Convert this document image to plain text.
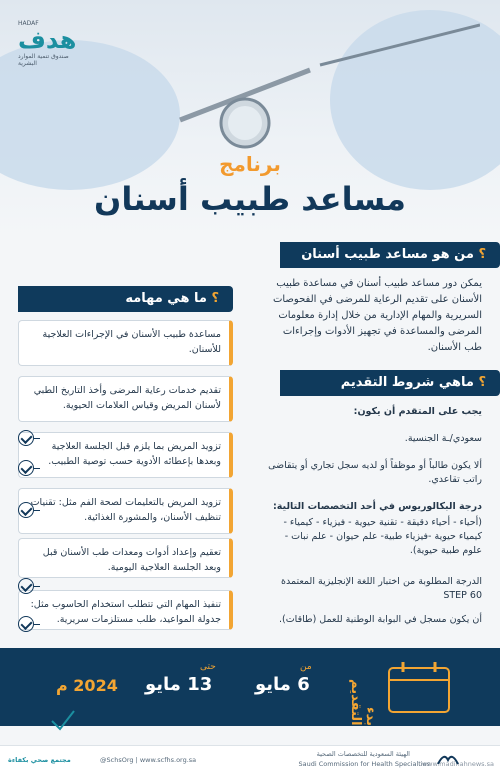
HADAF
هدف
صندوق تنمية الموارد البشرية
برنامج
مساعد طبيب أسنان
؟ من هو مساعد طبيب أسنان
يمكن دور مساعد طبيب أسنان في مساعدة طبيب الأسنان على تقديم الرعاية للمرضى في الفحوصات السريرية والمهام الإدارية من خلال إدارة معلومات المرضى والمساعدة في تجهيز الأدوات وإجراءات طب الأسنان.
؟ ما هي مهامه
مساعدة طبيب الأسنان في الإجراءات العلاجية للأسنان.
تقديم خدمات رعاية المرضى وأخذ التاريخ الطبي لأسنان المريض وقياس العلامات الحيوية.
تزويد المريض بما يلزم قبل الجلسة العلاجية وبعدها بإعطائه الأدوية حسب توصية الطبيب.
تزويد المريض بالتعليمات لصحة الفم مثل: تقنيات تنظيف الأسنان، والمشورة الغذائية.
تعقيم وإعداد أدوات ومعدات طب الأسنان قبل وبعد الجلسة العلاجية اليومية.
تنفيذ المهام التي تتطلب استخدام الحاسوب مثل: جدولة المواعيد، طلب مستلزمات سريرية.
؟ ماهي شروط التقديم
يجب على المتقدم أن يكون:
سعودي/ـة الجنسية.
ألا يكون طالباً أو موظفاً أو لديه سجل تجاري أو يتقاضى راتب تقاعدي.
درجة البكالوريوس في أحد التخصصات التالية:
(أحياء - أحياء دقيقة - تقنية حيوية - فيزياء - كيمياء - كيمياء حيوية -فيزياء طبية- علم حيوان - علم نبات - علوم طبية حيوية).
الدرجة المطلوبة من اختبار اللغة الإنجليزية المعتمدة STEP 60
أن يكون مسجل في البوابة الوطنية للعمل (طاقات).
بدء التقديم
من
6 مايو
حتى
13 مايو
2024 م
مجتمع صحي بكفاءة	@SchsOrg | www.scfhs.org.sa
الهيئة السعودية للتخصصات الصحية
Saudi Commission for Health Specialties
www.madinahnews.sa
